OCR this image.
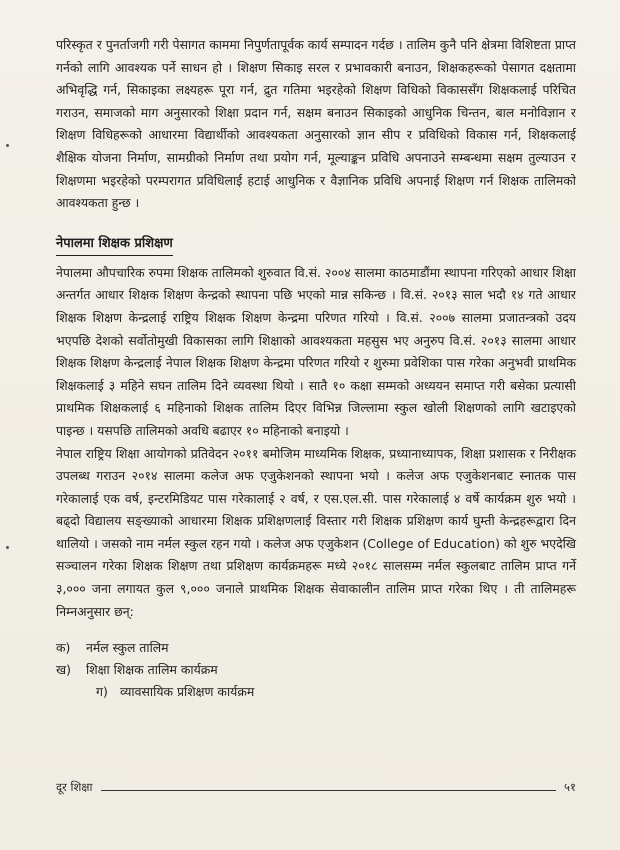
परिस्कृत र पुनर्ताजगी गरी पेसागत काममा निपुर्णतापूर्वक कार्य सम्पादन गर्दछ । तालिम कुनै पनि क्षेत्रमा विशिष्टता प्राप्त गर्नको लागि आवश्यक पर्ने साधन हो । शिक्षण सिकाइ सरल र प्रभावकारी बनाउन, शिक्षकहरूको पेसागत दक्षतामा अभिवृद्धि गर्न, सिकाइका लक्ष्यहरू पूरा गर्न, द्रुत गतिमा भइरहेको शिक्षण विधिको विकाससँग शिक्षकलाई परिचित गराउन, समाजको माग अनुसारको शिक्षा प्रदान गर्न, सक्षम बनाउन सिकाइको आधुनिक चिन्तन, बाल मनोविज्ञान र शिक्षण विधिहरूको आधारमा विद्यार्थीको आवश्यकता अनुसारको ज्ञान सीप र प्रविधिको विकास गर्न, शिक्षकलाई शैक्षिक योजना निर्माण, सामग्रीको निर्माण तथा प्रयोग गर्न, मूल्याङ्कन प्रविधि अपनाउने सम्बन्धमा सक्षम तुल्याउन र शिक्षणमा भइरहेको परम्परागत प्रविधिलाई हटाई आधुनिक र वैज्ञानिक प्रविधि अपनाई शिक्षण गर्न शिक्षक तालिमको आवश्यकता हुन्छ ।

नेपालमा शिक्षक प्रशिक्षण

नेपालमा औपचारिक रुपमा शिक्षक तालिमको शुरुवात वि.सं. २००४ सालमा काठमाडौंमा स्थापना गरिएको आधार शिक्षा अन्तर्गत आधार शिक्षक शिक्षण केन्द्रको स्थापना पछि भएको मान्न सकिन्छ । वि.सं. २०१३ साल भदौ १४ गते आधार शिक्षक शिक्षण केन्द्रलाई राष्ट्रिय शिक्षक शिक्षण केन्द्रमा परिणत गरियो । वि.सं. २००७ सालमा प्रजातन्त्रको उदय भएपछि देशको सर्वोतोमुखी विकासका लागि शिक्षाको आवश्यकता महसुस भए अनुरुप वि.सं. २०१३ सालमा आधार शिक्षक शिक्षण केन्द्रलाई नेपाल शिक्षक शिक्षण केन्द्रमा परिणत गरियो र शुरुमा प्रवेशिका पास गरेका अनुभवी प्राथमिक शिक्षकलाई ३ महिने सघन तालिम दिने व्यवस्था थियो । सातै १० कक्षा सम्मको अध्ययन समाप्त गरी बसेका प्रत्यासी प्राथमिक शिक्षकलाई ६ महिनाको शिक्षक तालिम दिएर विभिन्न जिल्लामा स्कुल खोली शिक्षणको लागि खटाइएको पाइन्छ । यसपछि तालिमको अवधि बढाएर १० महिनाको बनाइयो ।

नेपाल राष्ट्रिय शिक्षा आयोगको प्रतिवेदन २०११ बमोजिम माध्यमिक शिक्षक, प्रध्यानाध्यापक, शिक्षा प्रशासक र निरीक्षक उपलब्ध गराउन २०१४ सालमा कलेज अफ एजुकेशनको स्थापना भयो । कलेज अफ एजुकेशनबाट स्नातक पास गरेकालाई एक वर्ष, इन्टरमिडियट पास गरेकालाई २ वर्ष, र एस.एल.सी. पास गरेकालाई ४ वर्षे कार्यक्रम शुरु भयो । बढ्दो विद्यालय सङ्ख्याको आधारमा शिक्षक प्रशिक्षणलाई विस्तार गरी शिक्षक प्रशिक्षण कार्य घुम्ती केन्द्रहरूद्वारा दिन थालियो । जसको नाम नर्मल स्कुल रहन गयो । कलेज अफ एजुकेशन (College of Education) को शुरु भएदेखि सञ्चालन गरेका शिक्षक शिक्षण तथा प्रशिक्षण कार्यक्रमहरू मध्ये २०१८ सालसम्म नर्मल स्कुलबाट तालिम प्राप्त गर्ने ३,००० जना लगायत कुल ९,००० जनाले प्राथमिक शिक्षक सेवाकालीन तालिम प्राप्त गरेका थिए । ती तालिमहरू निम्नअनुसार छन्:

क)	नर्मल स्कुल तालिम
ख)	शिक्षा शिक्षक तालिम कार्यक्रम
ग) व्यावसायिक प्रशिक्षण कार्यक्रम
दूर शिक्षा	५१
